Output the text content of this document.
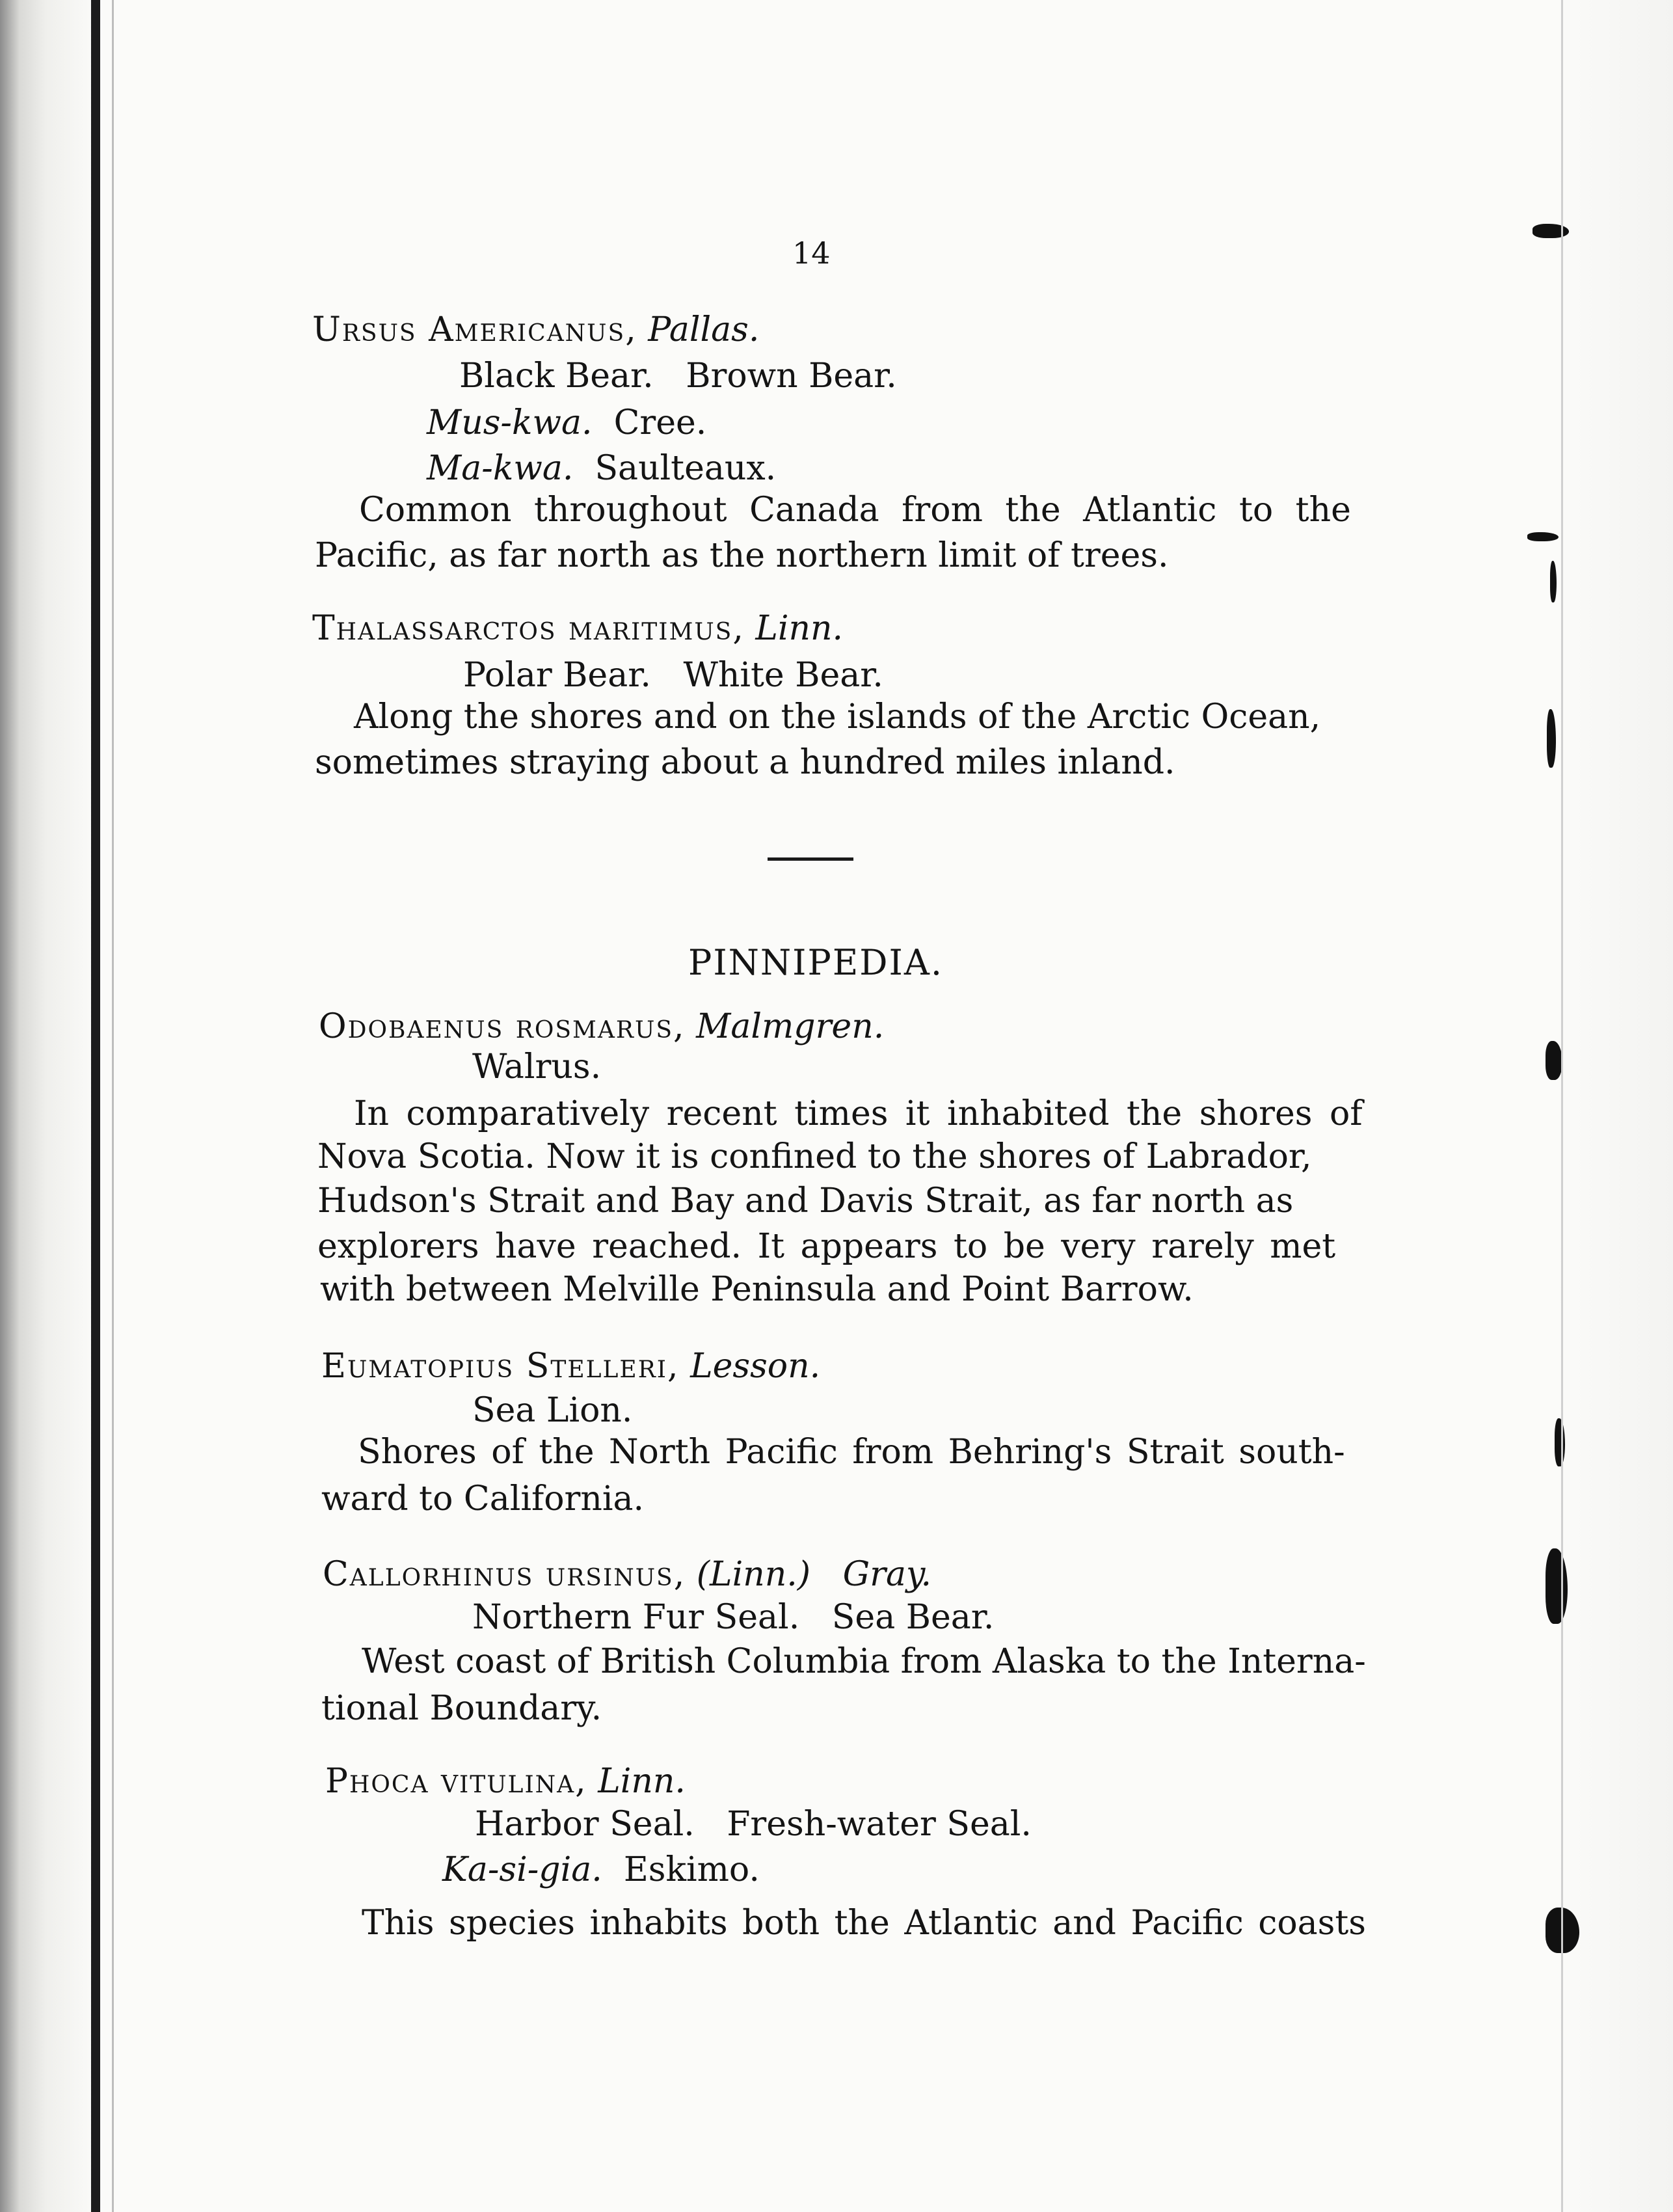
14
Ursus Americanus, Pallas.
Black Bear.   Brown Bear.
Mus-kwa. Cree.
Ma-kwa. Saulteaux.
Common throughout Canada from the Atlantic to the
Pacific, as far north as the northern limit of trees.
Thalassarctos maritimus, Linn.
Polar Bear.   White Bear.
Along the shores and on the islands of the Arctic Ocean,
sometimes straying about a hundred miles inland.
PINNIPEDIA.
Odobaenus rosmarus, Malmgren.
Walrus.
In comparatively recent times it inhabited the shores of
Nova Scotia. Now it is confined to the shores of Labrador,
Hudson's Strait and Bay and Davis Strait, as far north as
explorers have reached. It appears to be very rarely met
with between Melville Peninsula and Point Barrow.
Eumatopius Stelleri, Lesson.
Sea Lion.
Shores of the North Pacific from Behring's Strait south-
ward to California.
Callorhinus ursinus, (Linn.) Gray.
Northern Fur Seal.   Sea Bear.
West coast of British Columbia from Alaska to the Interna-
tional Boundary.
Phoca vitulina, Linn.
Harbor Seal.   Fresh-water Seal.
Ka-si-gia. Eskimo.
This species inhabits both the Atlantic and Pacific coasts
